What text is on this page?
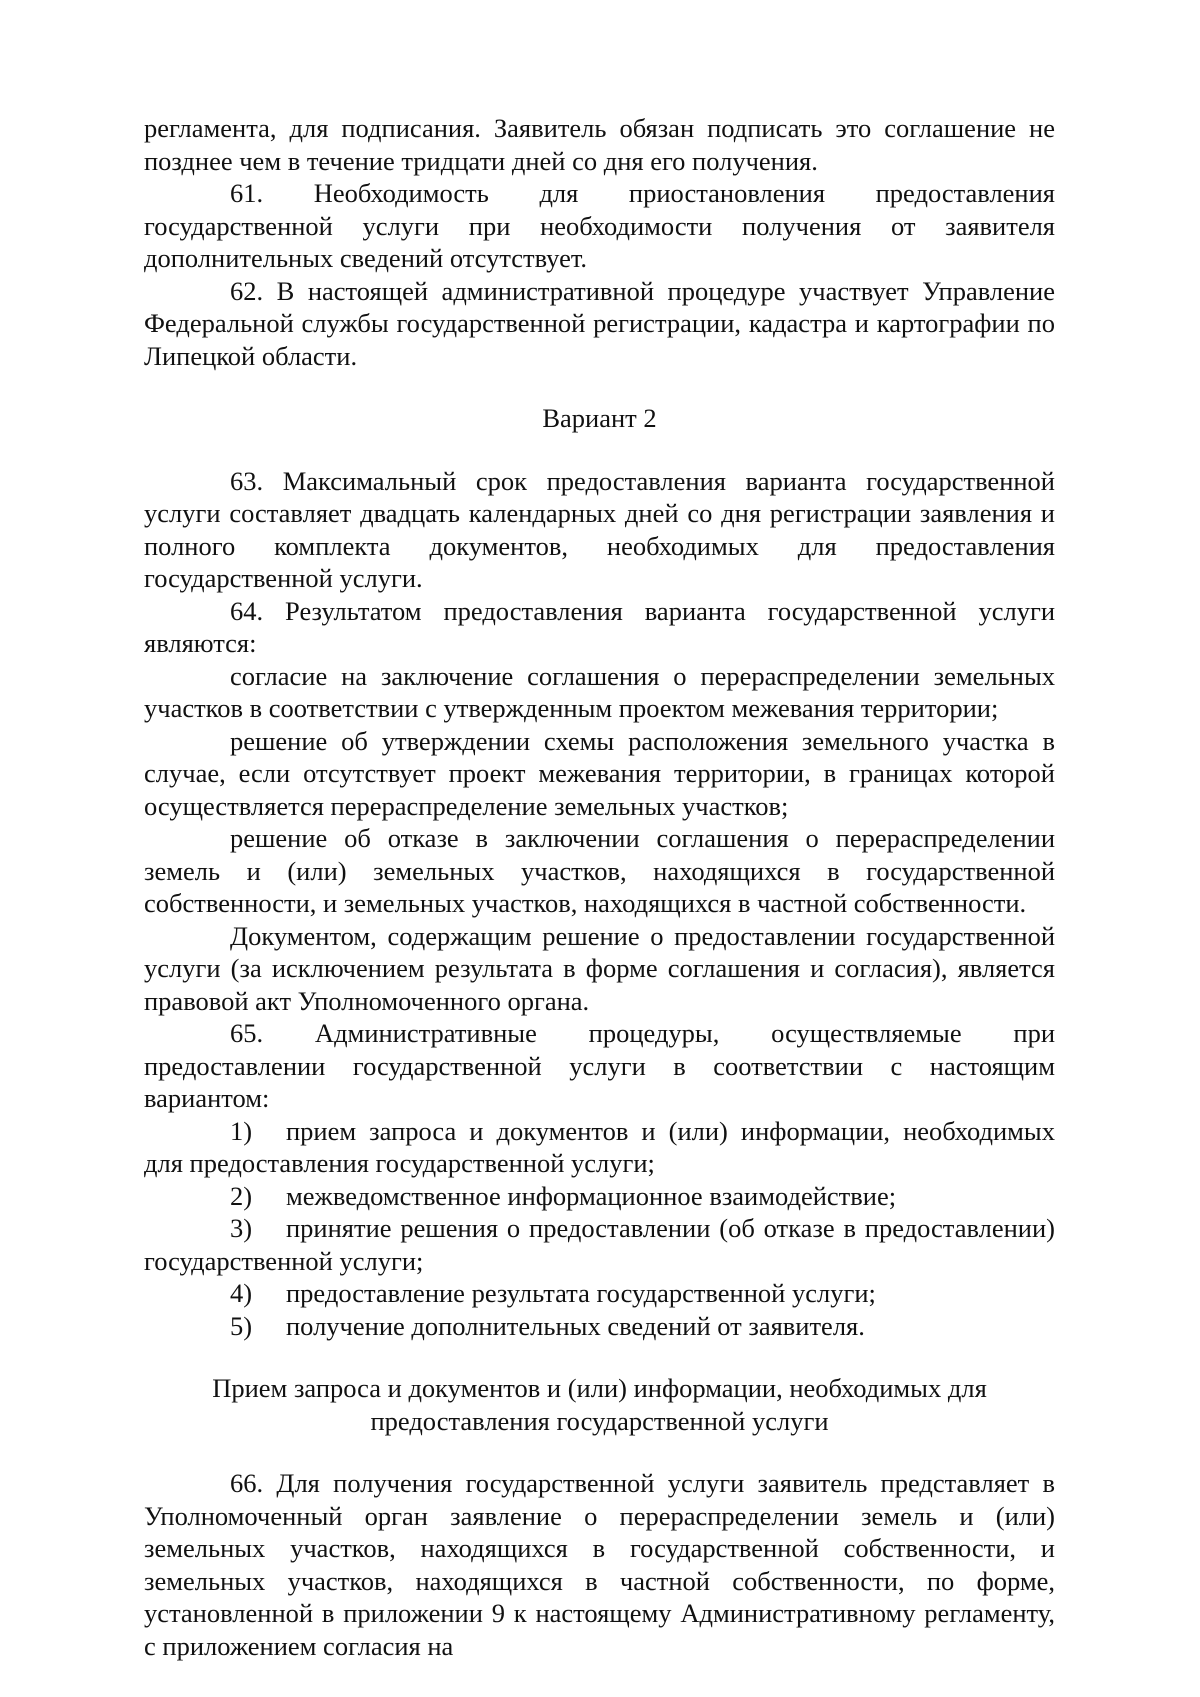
регламента, для подписания. Заявитель обязан подписать это соглашение не позднее чем в течение тридцати дней со дня его получения.

61. Необходимость для приостановления предоставления государственной услуги при необходимости получения от заявителя дополнительных сведений отсутствует.

62. В настоящей административной процедуре участвует Управление Федеральной службы государственной регистрации, кадастра и картографии по Липецкой области.

Вариант 2

63. Максимальный срок предоставления варианта государственной услуги составляет двадцать календарных дней со дня регистрации заявления и полного комплекта документов, необходимых для предоставления государственной услуги.

64. Результатом предоставления варианта государственной услуги являются:

согласие на заключение соглашения о перераспределении земельных участков в соответствии с утвержденным проектом межевания территории;

решение об утверждении схемы расположения земельного участка в случае, если отсутствует проект межевания территории, в границах которой осуществляется перераспределение земельных участков;

решение об отказе в заключении соглашения о перераспределении земель и (или) земельных участков, находящихся в государственной собственности, и земельных участков, находящихся в частной собственности.

Документом, содержащим решение о предоставлении государственной услуги (за исключением результата в форме соглашения и согласия), является правовой акт Уполномоченного органа.

65. Административные процедуры, осуществляемые при предоставлении государственной услуги в соответствии с настоящим вариантом:

1) прием запроса и документов и (или) информации, необходимых для предоставления государственной услуги;

2) межведомственное информационное взаимодействие;

3) принятие решения о предоставлении (об отказе в предоставлении) государственной услуги;

4) предоставление результата государственной услуги;

5) получение дополнительных сведений от заявителя.

Прием запроса и документов и (или) информации, необходимых для
предоставления государственной услуги

66. Для получения государственной услуги заявитель представляет в Уполномоченный орган заявление о перераспределении земель и (или) земельных участков, находящихся в государственной собственности, и земельных участков, находящихся в частной собственности, по форме, установленной в приложении 9 к настоящему Административному регламенту, с приложением согласия на
